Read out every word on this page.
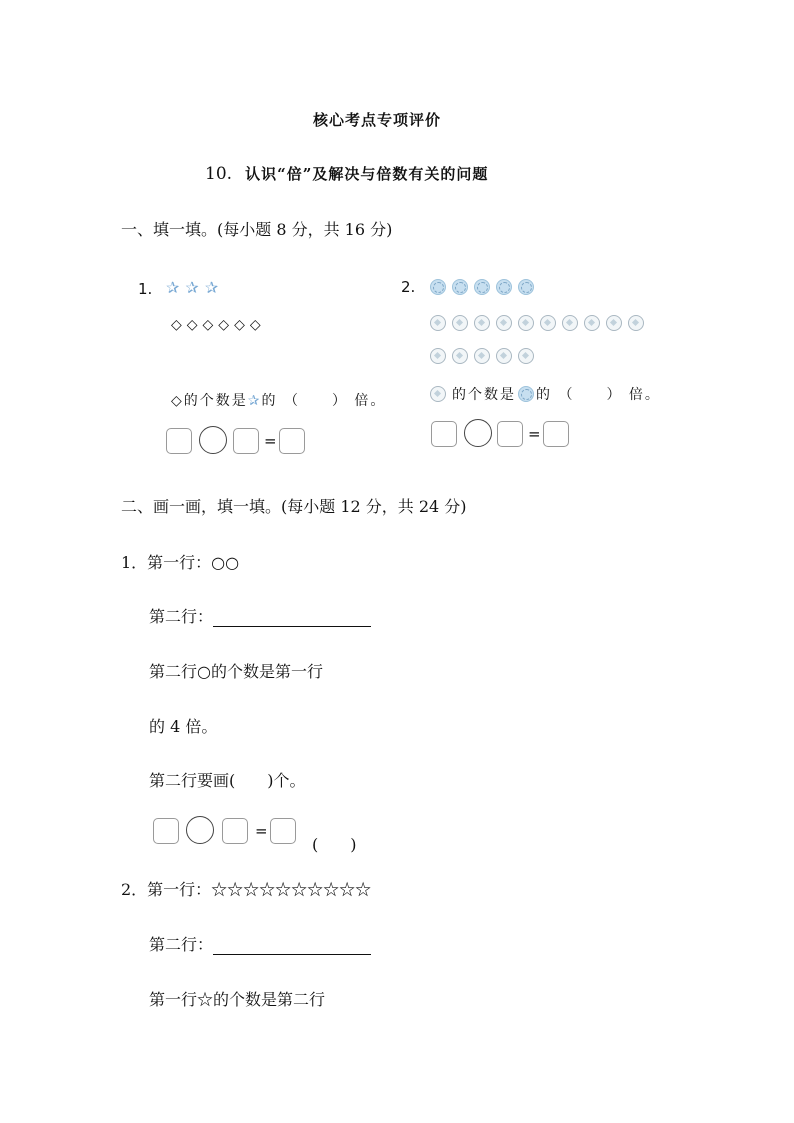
核心考点专项评价
10. 认识“倍”及解决与倍数有关的问题
一、填一填。(每小题 8 分，共 16 分)
1. ✰ ✰ ✰
◇◇◇◇◇◇
◇的个数是✰的 （　　） 倍。
=
2.
的个数是 的 （　　） 倍。
=
二、画一画，填一填。(每小题 12 分，共 24 分)
1．第一行：○○
第二行：
第二行○的个数是第一行
的 4 倍。
第二行要画(　　)个。
=
(　　)
2．第一行：☆☆☆☆☆☆☆☆☆☆
第二行：
第一行☆的个数是第二行
